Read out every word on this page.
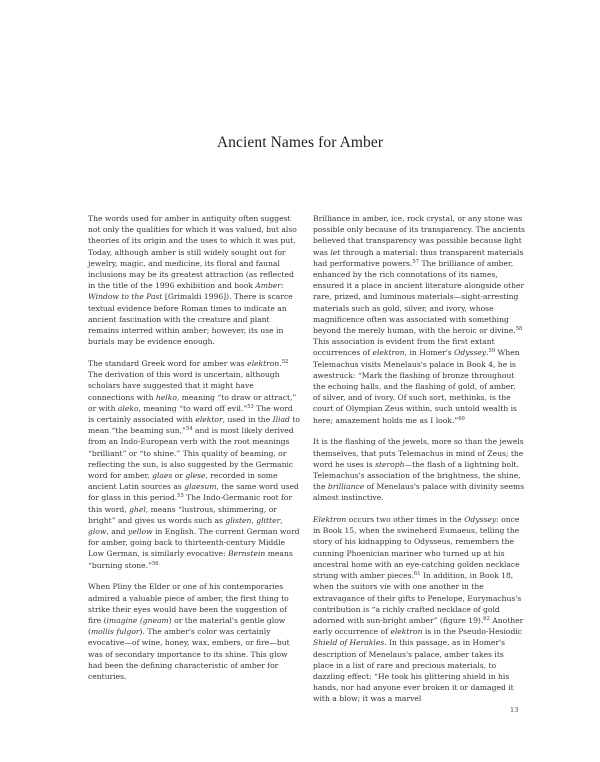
Ancient Names for Amber

The words used for amber in antiquity often suggest not only the qualities for which it was valued, but also theories of its origin and the uses to which it was put. Today, although amber is still widely sought out for jewelry, magic, and medicine, its floral and faunal inclusions may be its greatest attraction (as reflected in the title of the 1996 exhibition and book Amber: Window to the Past [Grimaldi 1996]). There is scarce textual evidence before Roman times to indicate an ancient fascination with the creature and plant remains interred within amber; however, its use in burials may be evidence enough.

The standard Greek word for amber was elektron.$^{52}$ The derivation of this word is uncertain, although scholars have suggested that it might have connections with helko, meaning “to draw or attract,” or with aleko, meaning “to ward off evil.”$^{53}$ The word is certainly associated with elektor, used in the Iliad to mean “the beaming sun,”$^{54}$ and is most likely derived from an Indo-European verb with the root meanings “brilliant” or “to shine.” This quality of beaming, or reflecting the sun, is also suggested by the Germanic word for amber, glaes or glese, recorded in some ancient Latin sources as glaesum, the same word used for glass in this period.$^{55}$ The Indo-Germanic root for this word, ghel, means “lustrous, shimmering, or bright” and gives us words such as glisten, glitter, glow, and yellow in English. The current German word for amber, going back to thirteenth-century Middle Low German, is similarly evocative: Bernstein means “burning stone.”$^{56}$

When Pliny the Elder or one of his contemporaries admired a valuable piece of amber, the first thing to strike their eyes would have been the suggestion of fire (imagine (gneam) or the material's gentle glow (mollis fulgor). The amber's color was certainly evocative—of wine, honey, wax, embers, or fire—but was of secondary importance to its shine. This glow had been the defining characteristic of amber for centuries.

Brilliance in amber, ice, rock crystal, or any stone was possible only because of its transparency. The ancients believed that transparency was possible because light was let through a material: thus transparent materials had performative powers.$^{57}$ The brilliance of amber, enhanced by the rich connotations of its names, ensured it a place in ancient literature alongside other rare, prized, and luminous materials—sight-arresting materials such as gold, silver, and ivory, whose magnificence often was associated with something beyond the merely human, with the heroic or divine.$^{58}$ This association is evident from the first extant occurrences of elektron, in Homer's Odyssey.$^{59}$ When Telemachus visits Menelaus's palace in Book 4, he is awestruck: “Mark the flashing of bronze throughout the echoing halls, and the flashing of gold, of amber, of silver, and of ivory. Of such sort, methinks, is the court of Olympian Zeus within, such untold wealth is here; amazement holds me as I look.”$^{60}$

It is the flashing of the jewels, more so than the jewels themselves, that puts Telemachus in mind of Zeus; the word he uses is steroph—the flash of a lightning bolt. Telemachus's association of the brightness, the shine, the brilliance of Menelaus's palace with divinity seems almost instinctive.

Elektron occurs two other times in the Odyssey: once in Book 15, when the swineherd Eumaeus, telling the story of his kidnapping to Odysseus, remembers the cunning Phoenician mariner who turned up at his ancestral home with an eye-catching golden necklace strung with amber pieces.$^{61}$ In addition, in Book 18, when the suitors vie with one another in the extravagance of their gifts to Penelope, Eurymachus's contribution is “a richly crafted necklace of gold adorned with sun-bright amber” (figure 19).$^{62}$ Another early occurrence of elektron is in the Pseudo-Hesiodic Shield of Herakles. In this passage, as in Homer's description of Menelaus's palace, amber takes its place in a list of rare and precious materials, to dazzling effect: “He took his glittering shield in his hands, nor had anyone ever broken it or damaged it with a blow; it was a marvel

13
